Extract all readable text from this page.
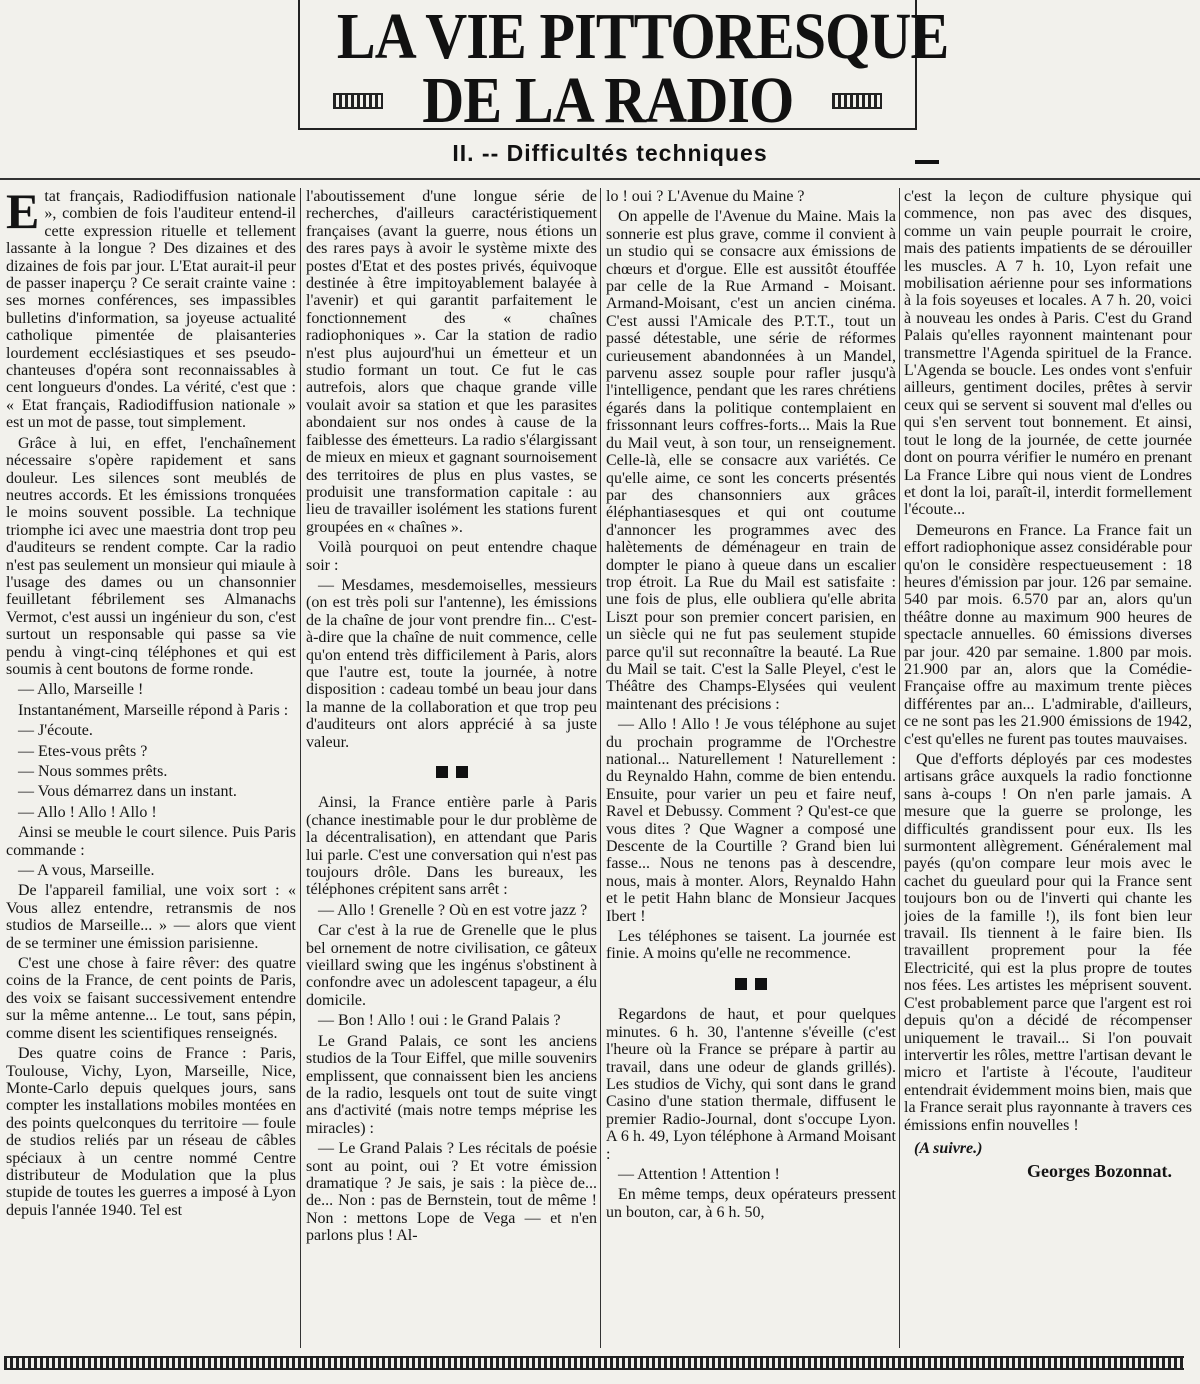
LA VIE PITTORESQUE
DE LA RADIO
II. -- Difficultés techniques

Etat français, Radiodiffusion nationale », combien de fois l'auditeur entend-il cette expression rituelle et tellement lassante à la longue ? Des dizaines et des dizaines de fois par jour. L'Etat aurait-il peur de passer inaperçu ? Ce serait crainte vaine : ses mornes conférences, ses impassibles bulletins d'information, sa joyeuse actualité catholique pimentée de plaisanteries lourdement ecclésiastiques et ses pseudo-chanteuses d'opéra sont reconnaissables à cent longueurs d'ondes. La vérité, c'est que : « Etat français, Radiodiffusion nationale » est un mot de passe, tout simplement.

Grâce à lui, en effet, l'enchaînement nécessaire s'opère rapidement et sans douleur. Les silences sont meublés de neutres accords. Et les émissions tronquées le moins souvent possible. La technique triomphe ici avec une maestria dont trop peu d'auditeurs se rendent compte. Car la radio n'est pas seulement un monsieur qui miaule à l'usage des dames ou un chansonnier feuilletant fébrilement ses Almanachs Vermot, c'est aussi un ingénieur du son, c'est surtout un responsable qui passe sa vie pendu à vingt-cinq téléphones et qui est soumis à cent boutons de forme ronde.

— Allo, Marseille !

Instantanément, Marseille répond à Paris :

— J'écoute.

— Etes-vous prêts ?

— Nous sommes prêts.

— Vous démarrez dans un instant.

— Allo ! Allo ! Allo !

Ainsi se meuble le court silence. Puis Paris commande :

— A vous, Marseille.

De l'appareil familial, une voix sort : « Vous allez entendre, retransmis de nos studios de Marseille... » — alors que vient de se terminer une émission parisienne.

C'est une chose à faire rêver: des quatre coins de la France, de cent points de Paris, des voix se faisant successivement entendre sur la même antenne... Le tout, sans pépin, comme disent les scientifiques renseignés.

Des quatre coins de France : Paris, Toulouse, Vichy, Lyon, Marseille, Nice, Monte-Carlo depuis quelques jours, sans compter les installations mobiles montées en des points quelconques du territoire — foule de studios reliés par un réseau de câbles spéciaux à un centre nommé Centre distributeur de Modulation que la plus stupide de toutes les guerres a imposé à Lyon depuis l'année 1940. Tel est

l'aboutissement d'une longue série de recherches, d'ailleurs caractéristiquement françaises (avant la guerre, nous étions un des rares pays à avoir le système mixte des postes d'Etat et des postes privés, équivoque destinée à être impitoyablement balayée à l'avenir) et qui garantit parfaitement le fonctionnement des « chaînes radiophoniques ». Car la station de radio n'est plus aujourd'hui un émetteur et un studio formant un tout. Ce fut le cas autrefois, alors que chaque grande ville voulait avoir sa station et que les parasites abondaient sur nos ondes à cause de la faiblesse des émetteurs. La radio s'élargissant de mieux en mieux et gagnant sournoisement des territoires de plus en plus vastes, se produisit une transformation capitale : au lieu de travailler isolément les stations furent groupées en « chaînes ».

Voilà pourquoi on peut entendre chaque soir :

— Mesdames, mesdemoiselles, messieurs (on est très poli sur l'antenne), les émissions de la chaîne de jour vont prendre fin... C'est-à-dire que la chaîne de nuit commence, celle qu'on entend très difficilement à Paris, alors que l'autre est, toute la journée, à notre disposition : cadeau tombé un beau jour dans la manne de la collaboration et que trop peu d'auditeurs ont alors apprécié à sa juste valeur.

Ainsi, la France entière parle à Paris (chance inestimable pour le dur problème de la décentralisation), en attendant que Paris lui parle. C'est une conversation qui n'est pas toujours drôle. Dans les bureaux, les téléphones crépitent sans arrêt :

— Allo ! Grenelle ? Où en est votre jazz ?

Car c'est à la rue de Grenelle que le plus bel ornement de notre civilisation, ce gâteux vieillard swing que les ingénus s'obstinent à confondre avec un adolescent tapageur, a élu domicile.

— Bon ! Allo ! oui : le Grand Palais ?

Le Grand Palais, ce sont les anciens studios de la Tour Eiffel, que mille souvenirs emplissent, que connaissent bien les anciens de la radio, lesquels ont tout de suite vingt ans d'activité (mais notre temps méprise les miracles) :

— Le Grand Palais ? Les récitals de poésie sont au point, oui ? Et votre émission dramatique ? Je sais, je sais : la pièce de... de... Non : pas de Bernstein, tout de même ! Non : mettons Lope de Vega — et n'en parlons plus ! Al-

lo ! oui ? L'Avenue du Maine ?

On appelle de l'Avenue du Maine. Mais la sonnerie est plus grave, comme il convient à un studio qui se consacre aux émissions de chœurs et d'orgue. Elle est aussitôt étouffée par celle de la Rue Armand - Moisant. Armand-Moisant, c'est un ancien cinéma. C'est aussi l'Amicale des P.T.T., tout un passé détestable, une série de réformes curieusement abandonnées à un Mandel, parvenu assez souple pour rafler jusqu'à l'intelligence, pendant que les rares chrétiens égarés dans la politique contemplaient en frissonnant leurs coffres-forts... Mais la Rue du Mail veut, à son tour, un renseignement. Celle-là, elle se consacre aux variétés. Ce qu'elle aime, ce sont les concerts présentés par des chansonniers aux grâces éléphantiasesques et qui ont coutume d'annoncer les programmes avec des halètements de déménageur en train de dompter le piano à queue dans un escalier trop étroit. La Rue du Mail est satisfaite : une fois de plus, elle oubliera qu'elle abrita Liszt pour son premier concert parisien, en un siècle qui ne fut pas seulement stupide parce qu'il sut reconnaître la beauté. La Rue du Mail se tait. C'est la Salle Pleyel, c'est le Théâtre des Champs-Elysées qui veulent maintenant des précisions :

— Allo ! Allo ! Je vous téléphone au sujet du prochain programme de l'Orchestre national... Naturellement ! Naturellement : du Reynaldo Hahn, comme de bien entendu. Ensuite, pour varier un peu et faire neuf, Ravel et Debussy. Comment ? Qu'est-ce que vous dites ? Que Wagner a composé une Descente de la Courtille ? Grand bien lui fasse... Nous ne tenons pas à descendre, nous, mais à monter. Alors, Reynaldo Hahn et le petit Hahn blanc de Monsieur Jacques Ibert !

Les téléphones se taisent. La journée est finie. A moins qu'elle ne recommence.

Regardons de haut, et pour quelques minutes. 6 h. 30, l'antenne s'éveille (c'est l'heure où la France se prépare à partir au travail, dans une odeur de glands grillés). Les studios de Vichy, qui sont dans le grand Casino d'une station thermale, diffusent le premier Radio-Journal, dont s'occupe Lyon. A 6 h. 49, Lyon téléphone à Armand Moisant :

— Attention ! Attention !

En même temps, deux opérateurs pressent un bouton, car, à 6 h. 50,

c'est la leçon de culture physique qui commence, non pas avec des disques, comme un vain peuple pourrait le croire, mais des patients impatients de se dérouiller les muscles. A 7 h. 10, Lyon refait une mobilisation aérienne pour ses informations à la fois soyeuses et locales. A 7 h. 20, voici à nouveau les ondes à Paris. C'est du Grand Palais qu'elles rayonnent maintenant pour transmettre l'Agenda spirituel de la France. L'Agenda se boucle. Les ondes vont s'enfuir ailleurs, gentiment dociles, prêtes à servir ceux qui se servent si souvent mal d'elles ou qui s'en servent tout bonnement. Et ainsi, tout le long de la journée, de cette journée dont on pourra vérifier le numéro en prenant La France Libre qui nous vient de Londres et dont la loi, paraît-il, interdit formellement l'écoute...

Demeurons en France. La France fait un effort radiophonique assez considérable pour qu'on le considère respectueusement : 18 heures d'émission par jour. 126 par semaine. 540 par mois. 6.570 par an, alors qu'un théâtre donne au maximum 900 heures de spectacle annuelles. 60 émissions diverses par jour. 420 par semaine. 1.800 par mois. 21.900 par an, alors que la Comédie-Française offre au maximum trente pièces différentes par an... L'admirable, d'ailleurs, ce ne sont pas les 21.900 émissions de 1942, c'est qu'elles ne furent pas toutes mauvaises.

Que d'efforts déployés par ces modestes artisans grâce auxquels la radio fonctionne sans à-coups ! On n'en parle jamais. A mesure que la guerre se prolonge, les difficultés grandissent pour eux. Ils les surmontent allègrement. Généralement mal payés (qu'on compare leur mois avec le cachet du gueulard pour qui la France sent toujours bon ou de l'inverti qui chante les joies de la famille !), ils font bien leur travail. Ils tiennent à le faire bien. Ils travaillent proprement pour la fée Electricité, qui est la plus propre de toutes nos fées. Les artistes les méprisent souvent. C'est probablement parce que l'argent est roi depuis qu'on a décidé de récompenser uniquement le travail... Si l'on pouvait intervertir les rôles, mettre l'artisan devant le micro et l'artiste à l'écoute, l'auditeur entendrait évidemment moins bien, mais que la France serait plus rayonnante à travers ces émissions enfin nouvelles !

(A suivre.)
Georges Bozonnat.
